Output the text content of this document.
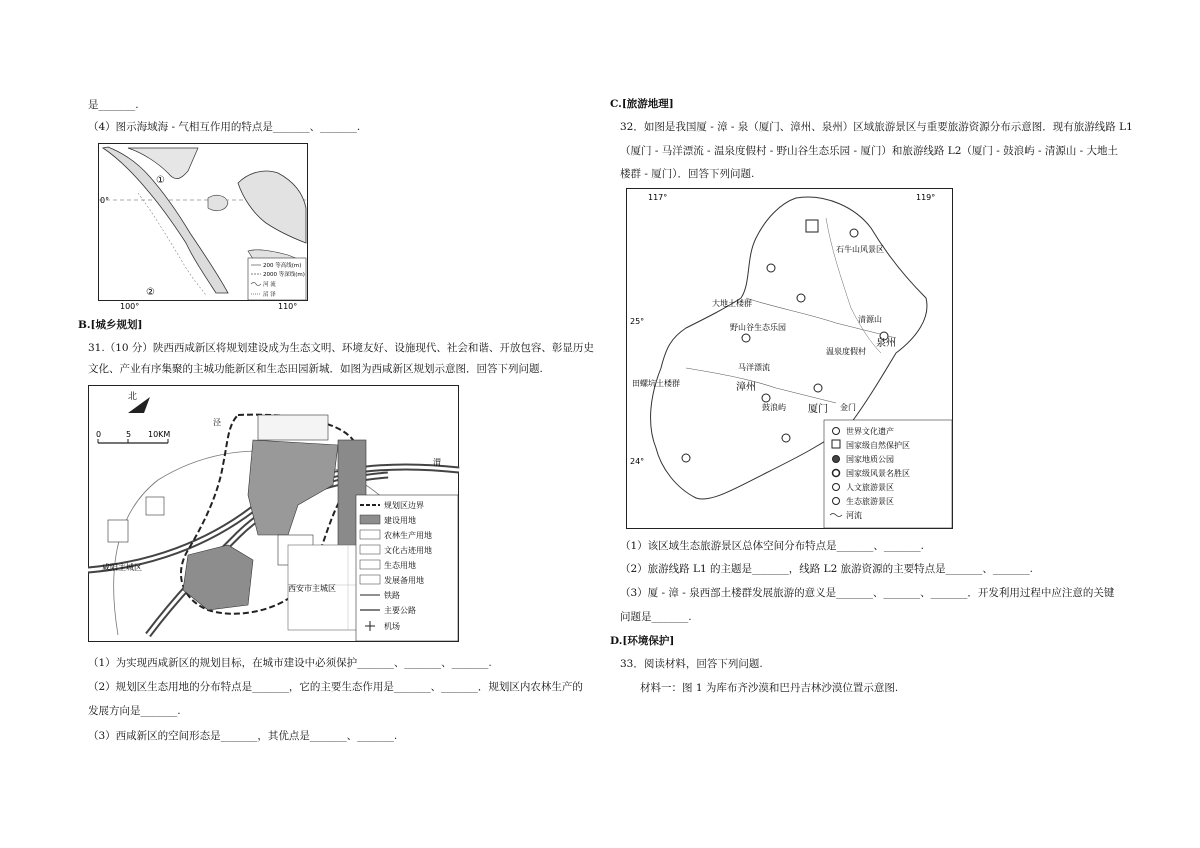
是_______.
（4）图示海域海 - 气相互作用的特点是_______、_______.
0°
100°	110°
①
②
200 等高线(m)
2000 等深线(m)
河 流
沼 泽
B.[城乡规划]
31.（10 分）陕西西咸新区将规划建设成为生态文明、环境友好、设施现代、社会和谐、开放包容、彰显历史
文化、产业有序集聚的主城功能新区和生态田园新城．如图为西咸新区规划示意图．回答下列问题.
北
0	5 10KM
咸阳主城区
西安市主城区
泾
渭
规划区边界
建设用地
农林生产用地
文化古迹用地
生态用地
发展备用地
铁路
主要公路
机场
（1）为实现西咸新区的规划目标，在城市建设中必须保护_______、_______、_______.
（2）规划区生态用地的分布特点是_______，它的主要生态作用是_______、_______．规划区内农林生产的
发展方向是_______.
（3）西咸新区的空间形态是_______，其优点是_______、_______.
C.[旅游地理]
32．如图是我国厦 - 漳 - 泉（厦门、漳州、泉州）区域旅游景区与重要旅游资源分布示意图．现有旅游线路 L1
（厦门 - 马洋漂流 - 温泉度假村 - 野山谷生态乐园 - 厦门）和旅游线路 L2（厦门 - 鼓浪屿 - 清源山 - 大地土
楼群 - 厦门）．回答下列问题.
117°	119°
25°
24°
石牛山风景区
大地土楼群
野山谷生态乐园
清源山
泉州
温泉度假村
马洋漂流
漳州
田螺坑土楼群
鼓浪屿 厦门 金门
世界文化遗产
国家级自然保护区
国家地质公园
国家级风景名胜区
人文旅游景区
生态旅游景区
河流
（1）该区域生态旅游景区总体空间分布特点是_______、_______.
（2）旅游线路 L1 的主题是_______，线路 L2 旅游资源的主要特点是_______、_______.
（3）厦 - 漳 - 泉西部土楼群发展旅游的意义是_______、_______、_______．开发利用过程中应注意的关键
问题是_______.
D.[环境保护]
33．阅读材料，回答下列问题.
材料一：图 1 为库布齐沙漠和巴丹吉林沙漠位置示意图.
